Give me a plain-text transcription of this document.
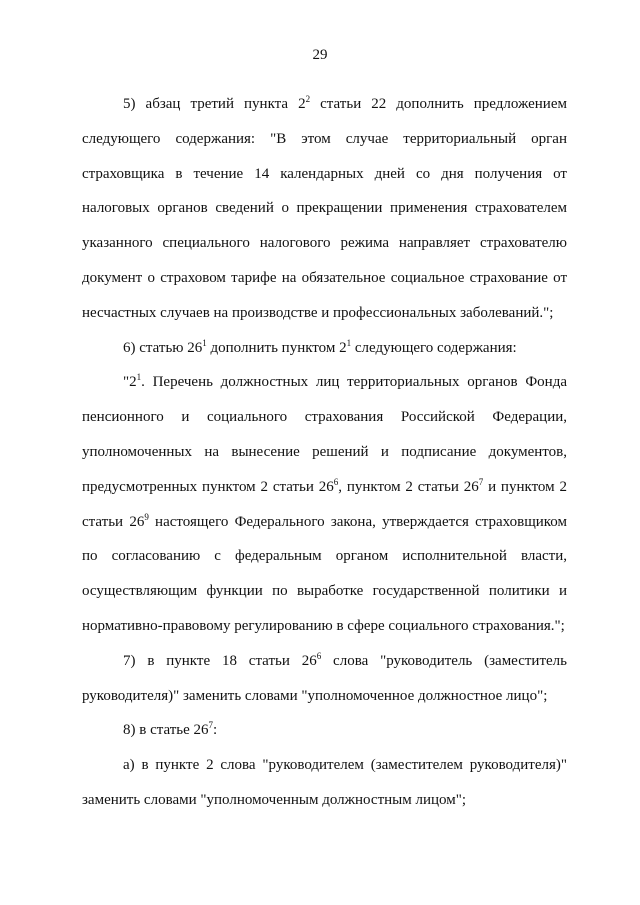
29

5) абзац третий пункта $2^2$ статьи 22 дополнить предложением следующего содержания: "В этом случае территориальный орган страховщика в течение 14 календарных дней со дня получения от налоговых органов сведений о прекращении применения страхователем указанного специального налогового режима направляет страхователю документ о страховом тарифе на обязательное социальное страхование от несчастных случаев на производстве и профессиональных заболеваний.";

6) статью $26^1$ дополнить пунктом $2^1$ следующего содержания:

"$2^1$. Перечень должностных лиц территориальных органов Фонда пенсионного и социального страхования Российской Федерации, уполномоченных на вынесение решений и подписание документов, предусмотренных пунктом 2 статьи $26^6$, пунктом 2 статьи $26^7$ и пунктом 2 статьи $26^9$ настоящего Федерального закона, утверждается страховщиком по согласованию с федеральным органом исполнительной власти, осуществляющим функции по выработке государственной политики и нормативно-правовому регулированию в сфере социального страхования.";

7) в пункте 18 статьи $26^6$ слова "руководитель (заместитель руководителя)" заменить словами "уполномоченное должностное лицо";

8) в статье $26^7$:

а) в пункте 2 слова "руководителем (заместителем руководителя)" заменить словами "уполномоченным должностным лицом";
